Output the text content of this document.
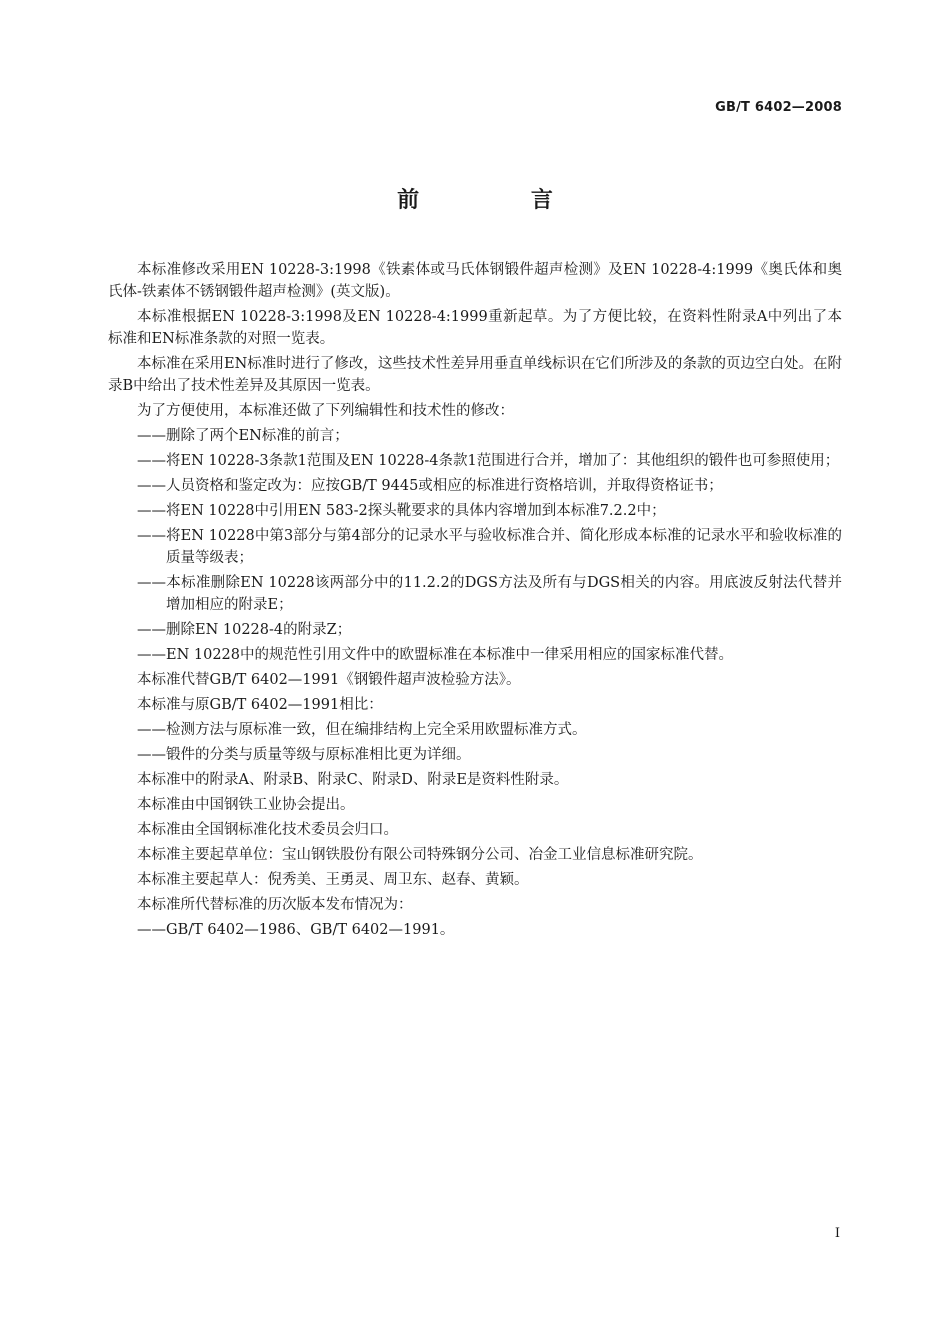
GB/T 6402—2008
前 言

本标准修改采用EN 10228-3:1998《铁素体或马氏体钢锻件超声检测》及EN 10228-4:1999《奥氏体和奥氏体-铁素体不锈钢锻件超声检测》(英文版)。

本标准根据EN 10228-3:1998及EN 10228-4:1999重新起草。为了方便比较，在资料性附录A中列出了本标准和EN标准条款的对照一览表。

本标准在采用EN标准时进行了修改，这些技术性差异用垂直单线标识在它们所涉及的条款的页边空白处。在附录B中给出了技术性差异及其原因一览表。

为了方便使用，本标准还做了下列编辑性和技术性的修改：

——删除了两个EN标准的前言；

——将EN 10228-3条款1范围及EN 10228-4条款1范围进行合并，增加了：其他组织的锻件也可参照使用；

——人员资格和鉴定改为：应按GB/T 9445或相应的标准进行资格培训，并取得资格证书；

——将EN 10228中引用EN 583-2探头靴要求的具体内容增加到本标准7.2.2中；

——将EN 10228中第3部分与第4部分的记录水平与验收标准合并、简化形成本标准的记录水平和验收标准的质量等级表；

——本标准删除EN 10228该两部分中的11.2.2的DGS方法及所有与DGS相关的内容。用底波反射法代替并增加相应的附录E；

——删除EN 10228-4的附录Z；

——EN 10228中的规范性引用文件中的欧盟标准在本标准中一律采用相应的国家标准代替。

本标准代替GB/T 6402—1991《钢锻件超声波检验方法》。

本标准与原GB/T 6402—1991相比：

——检测方法与原标准一致，但在编排结构上完全采用欧盟标准方式。

——锻件的分类与质量等级与原标准相比更为详细。

本标准中的附录A、附录B、附录C、附录D、附录E是资料性附录。

本标准由中国钢铁工业协会提出。

本标准由全国钢标准化技术委员会归口。

本标准主要起草单位：宝山钢铁股份有限公司特殊钢分公司、冶金工业信息标准研究院。

本标准主要起草人：倪秀美、王勇灵、周卫东、赵春、黄颖。

本标准所代替标准的历次版本发布情况为：

——GB/T 6402—1986、GB/T 6402—1991。

I
